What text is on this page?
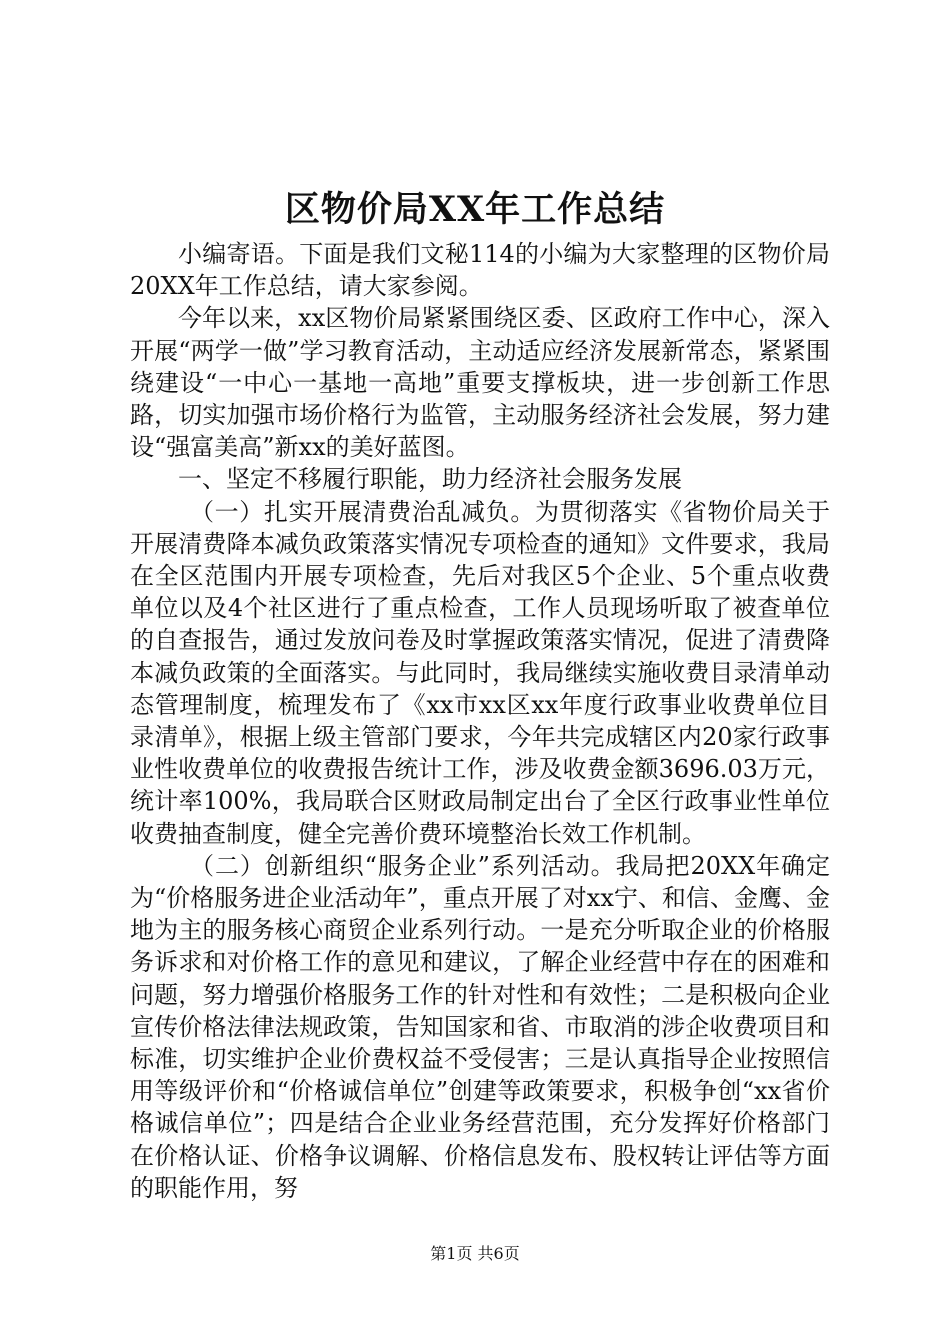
区物价局XX年工作总结

小编寄语。下面是我们文秘114的小编为大家整理的区物价局20XX年工作总结，请大家参阅。

今年以来，xx区物价局紧紧围绕区委、区政府工作中心，深入开展“两学一做”学习教育活动，主动适应经济发展新常态，紧紧围绕建设“一中心一基地一高地”重要支撑板块，进一步创新工作思路，切实加强市场价格行为监管，主动服务经济社会发展，努力建设“强富美高”新xx的美好蓝图。

一、坚定不移履行职能，助力经济社会服务发展

（一）扎实开展清费治乱减负。为贯彻落实《省物价局关于开展清费降本减负政策落实情况专项检查的通知》文件要求，我局在全区范围内开展专项检查，先后对我区5个企业、5个重点收费单位以及4个社区进行了重点检查，工作人员现场听取了被查单位的自查报告，通过发放问卷及时掌握政策落实情况，促进了清费降本减负政策的全面落实。与此同时，我局继续实施收费目录清单动态管理制度，梳理发布了《xx市xx区xx年度行政事业收费单位目录清单》，根据上级主管部门要求，今年共完成辖区内20家行政事业性收费单位的收费报告统计工作，涉及收费金额3696.03万元，统计率100%，我局联合区财政局制定出台了全区行政事业性单位收费抽查制度，健全完善价费环境整治长效工作机制。

（二）创新组织“服务企业”系列活动。我局把20XX年确定为“价格服务进企业活动年”，重点开展了对xx宁、和信、金鹰、金地为主的服务核心商贸企业系列行动。一是充分听取企业的价格服务诉求和对价格工作的意见和建议，了解企业经营中存在的困难和问题，努力增强价格服务工作的针对性和有效性；二是积极向企业宣传价格法律法规政策，告知国家和省、市取消的涉企收费项目和标准，切实维护企业价费权益不受侵害；三是认真指导企业按照信用等级评价和“价格诚信单位”创建等政策要求，积极争创“xx省价格诚信单位”；四是结合企业业务经营范围，充分发挥好价格部门在价格认证、价格争议调解、价格信息发布、股权转让评估等方面的职能作用，努

第1页 共6页
